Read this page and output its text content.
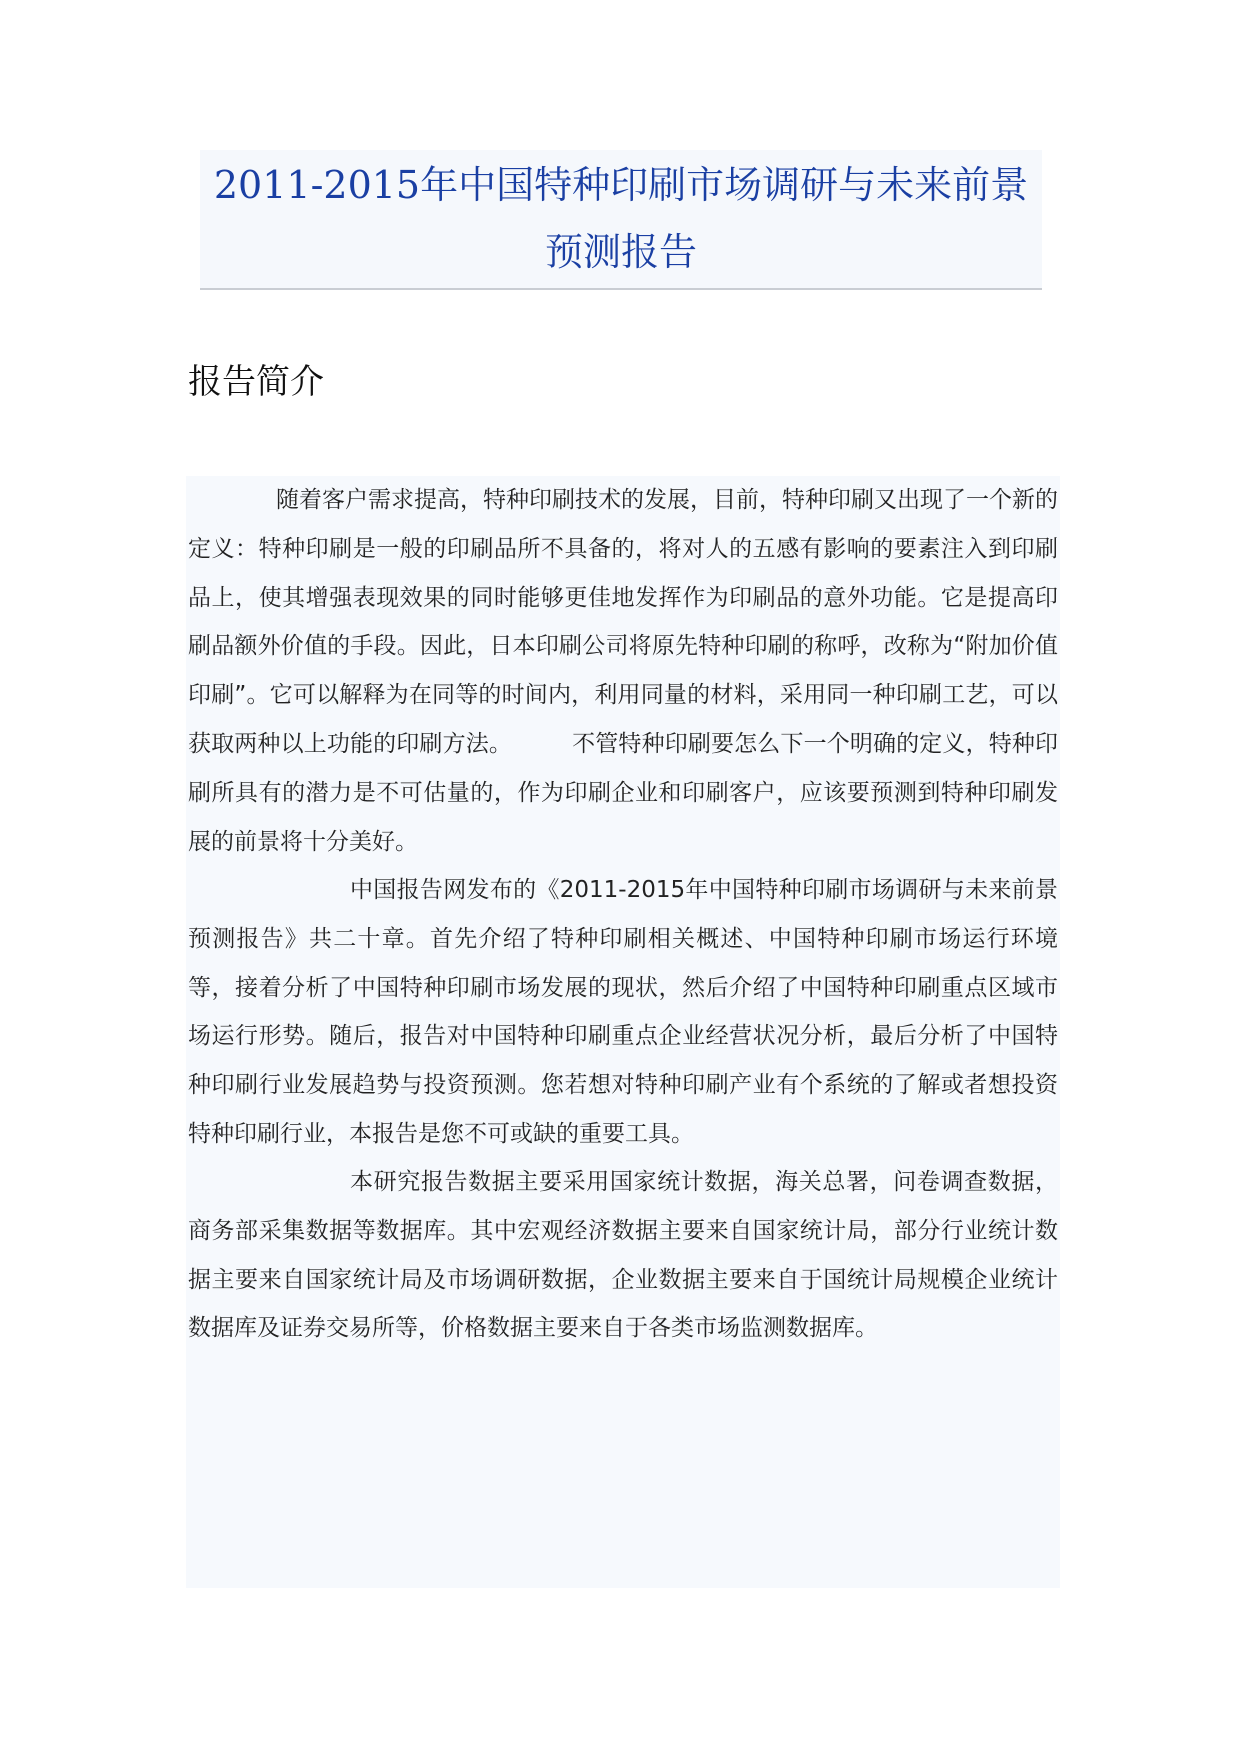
2011-2015年中国特种印刷市场调研与未来前景预测报告
报告简介

随着客户需求提高，特种印刷技术的发展，目前，特种印刷又出现了一个新的定义：特种印刷是一般的印刷品所不具备的，将对人的五感有影响的要素注入到印刷品上，使其增强表现效果的同时能够更佳地发挥作为印刷品的意外功能。它是提高印刷品额外价值的手段。因此，日本印刷公司将原先特种印刷的称呼，改称为“附加价值印刷”。它可以解释为在同等的时间内，利用同量的材料，采用同一种印刷工艺，可以获取两种以上功能的印刷方法。	不管特种印刷要怎么下一个明确的定义，特种印刷所具有的潜力是不可估量的，作为印刷企业和印刷客户，应该要预测到特种印刷发展的前景将十分美好。

中国报告网发布的《2011-2015年中国特种印刷市场调研与未来前景预测报告》共二十章。首先介绍了特种印刷相关概述、中国特种印刷市场运行环境等，接着分析了中国特种印刷市场发展的现状，然后介绍了中国特种印刷重点区域市场运行形势。随后，报告对中国特种印刷重点企业经营状况分析，最后分析了中国特种印刷行业发展趋势与投资预测。您若想对特种印刷产业有个系统的了解或者想投资特种印刷行业，本报告是您不可或缺的重要工具。

本研究报告数据主要采用国家统计数据，海关总署，问卷调查数据，商务部采集数据等数据库。其中宏观经济数据主要来自国家统计局，部分行业统计数据主要来自国家统计局及市场调研数据，企业数据主要来自于国统计局规模企业统计数据库及证券交易所等，价格数据主要来自于各类市场监测数据库。
